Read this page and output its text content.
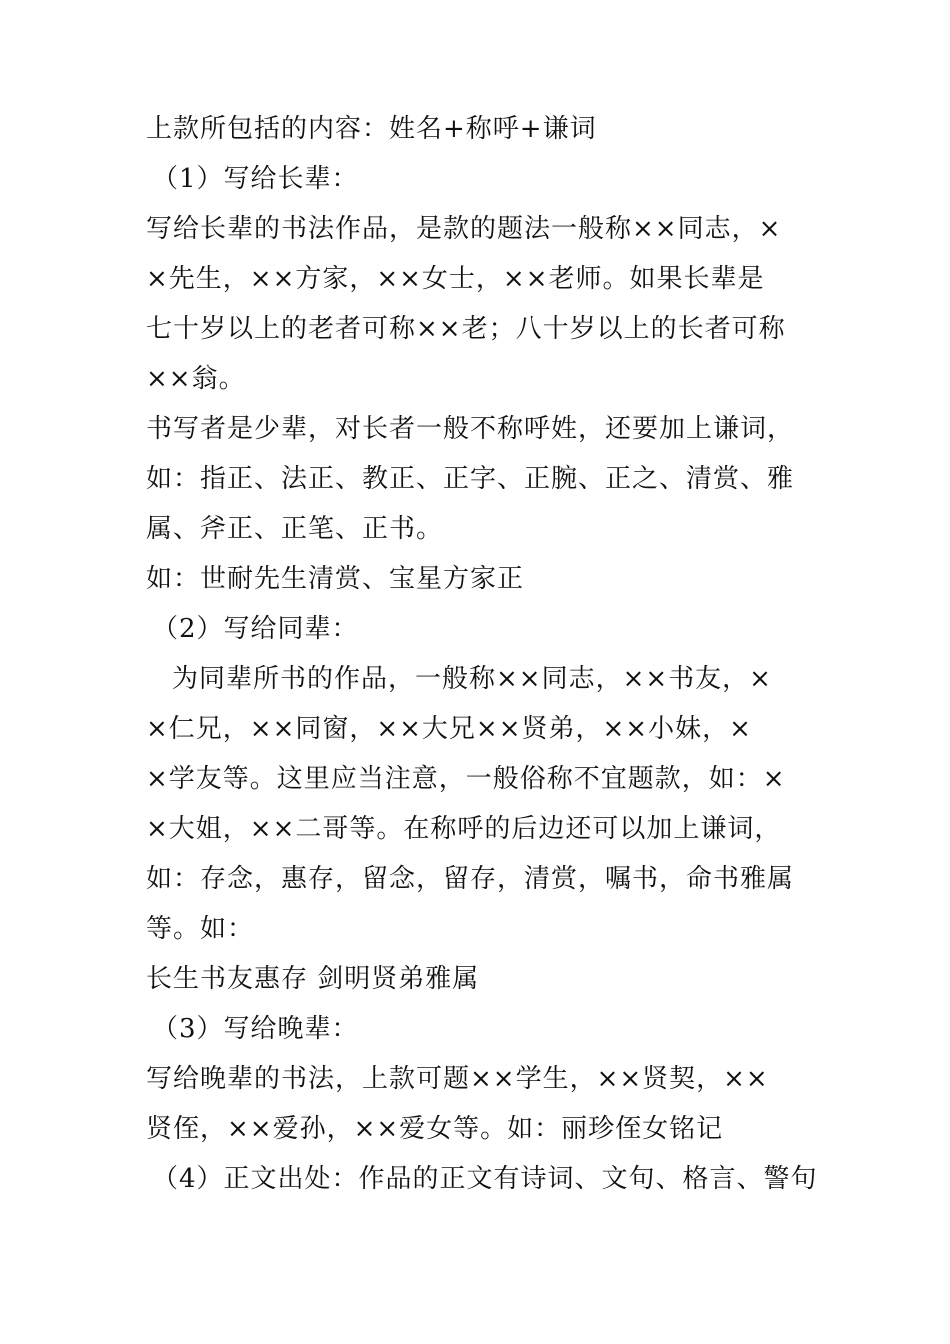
上款所包括的内容：姓名+称呼+谦词
（1）写给长辈：
写给长辈的书法作品，是款的题法一般称××同志，×
×先生，××方家，××女士，××老师。如果长辈是
七十岁以上的老者可称××老；八十岁以上的长者可称
××翁。
书写者是少辈，对长者一般不称呼姓，还要加上谦词，
如：指正、法正、教正、正字、正腕、正之、清赏、雅
属、斧正、正笔、正书。
如：世耐先生清赏、宝星方家正
（2）写给同辈：
为同辈所书的作品，一般称××同志，××书友，×
×仁兄，××同窗，××大兄××贤弟，××小妹，×
×学友等。这里应当注意，一般俗称不宜题款，如：×
×大姐，××二哥等。在称呼的后边还可以加上谦词，
如：存念，惠存，留念，留存，清赏，嘱书，命书雅属
等。如：
长生书友惠存 剑明贤弟雅属
（3）写给晚辈：
写给晚辈的书法，上款可题××学生，××贤契，××
贤侄，××爱孙，××爱女等。如：丽珍侄女铭记
（4）正文出处：作品的正文有诗词、文句、格言、警句
